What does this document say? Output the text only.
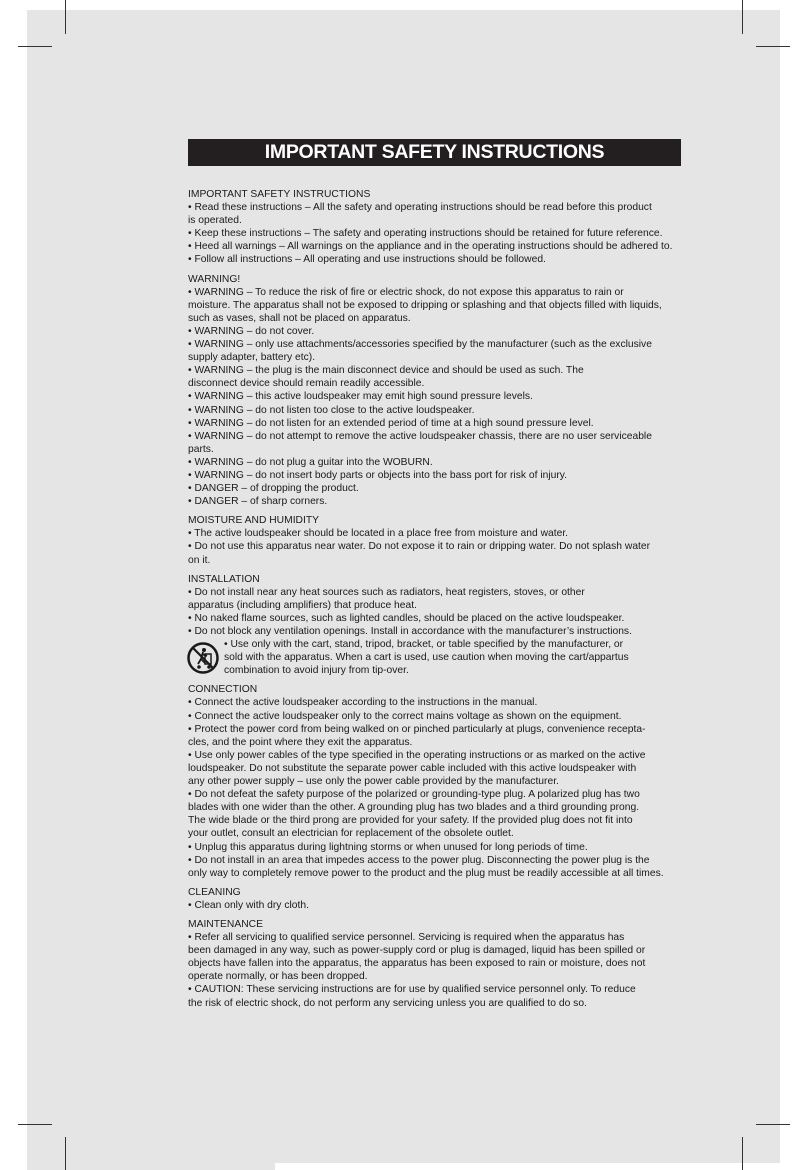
IMPORTANT SAFETY INSTRUCTIONS

IMPORTANT SAFETY INSTRUCTIONS

• Read these instructions – All the safety and operating instructions should be read before this product

is operated.

• Keep these instructions – The safety and operating instructions should be retained for future reference.

• Heed all warnings – All warnings on the appliance and in the operating instructions should be adhered to.

• Follow all instructions – All operating and use instructions should be followed.

WARNING!

• WARNING – To reduce the risk of fire or electric shock, do not expose this apparatus to rain or

moisture. The apparatus shall not be exposed to dripping or splashing and that objects filled with liquids,

such as vases, shall not be placed on apparatus.

• WARNING – do not cover.

• WARNING – only use attachments/accessories specified by the manufacturer (such as the exclusive

supply adapter, battery etc).

• WARNING – the plug is the main disconnect device and should be used as such. The

disconnect device should remain readily accessible.

• WARNING – this active loudspeaker may emit high sound pressure levels.

• WARNING – do not listen too close to the active loudspeaker.

• WARNING – do not listen for an extended period of time at a high sound pressure level.

• WARNING – do not attempt to remove the active loudspeaker chassis, there are no user serviceable

parts.

• WARNING – do not plug a guitar into the WOBURN.

• WARNING – do not insert body parts or objects into the bass port for risk of injury.

• DANGER – of dropping the product.

• DANGER – of sharp corners.

MOISTURE AND HUMIDITY

• The active loudspeaker should be located in a place free from moisture and water.

• Do not use this apparatus near water. Do not expose it to rain or dripping water. Do not splash water

on it.

INSTALLATION

• Do not install near any heat sources such as radiators, heat registers, stoves, or other

apparatus (including amplifiers) that produce heat.

• No naked flame sources, such as lighted candles, should be placed on the active loudspeaker.

• Do not block any ventilation openings. Install in accordance with the manufacturer’s instructions.

• Use only with the cart, stand, tripod, bracket, or table specified by the manufacturer, or

sold with the apparatus. When a cart is used, use caution when moving the cart/appartus

combination to avoid injury from tip-over.

CONNECTION

• Connect the active loudspeaker according to the instructions in the manual.

• Connect the active loudspeaker only to the correct mains voltage as shown on the equipment.

• Protect the power cord from being walked on or pinched particularly at plugs, convenience recepta-

cles, and the point where they exit the apparatus.

• Use only power cables of the type specified in the operating instructions or as marked on the active

loudspeaker. Do not substitute the separate power cable included with this active loudspeaker with

any other power supply – use only the power cable provided by the manufacturer.

• Do not defeat the safety purpose of the polarized or grounding-type plug. A polarized plug has two

blades with one wider than the other. A grounding plug has two blades and a third grounding prong.

The wide blade or the third prong are provided for your safety. If the provided plug does not fit into

your outlet, consult an electrician for replacement of the obsolete outlet.

• Unplug this apparatus during lightning storms or when unused for long periods of time.

• Do not install in an area that impedes access to the power plug. Disconnecting the power plug is the

only way to completely remove power to the product and the plug must be readily accessible at all times.

CLEANING

• Clean only with dry cloth.

MAINTENANCE

• Refer all servicing to qualified service personnel. Servicing is required when the apparatus has

been damaged in any way, such as power-supply cord or plug is damaged, liquid has been spilled or

objects have fallen into the apparatus, the apparatus has been exposed to rain or moisture, does not

operate normally, or has been dropped.

• CAUTION: These servicing instructions are for use by qualified service personnel only. To reduce

the risk of electric shock, do not perform any servicing unless you are qualified to do so.
